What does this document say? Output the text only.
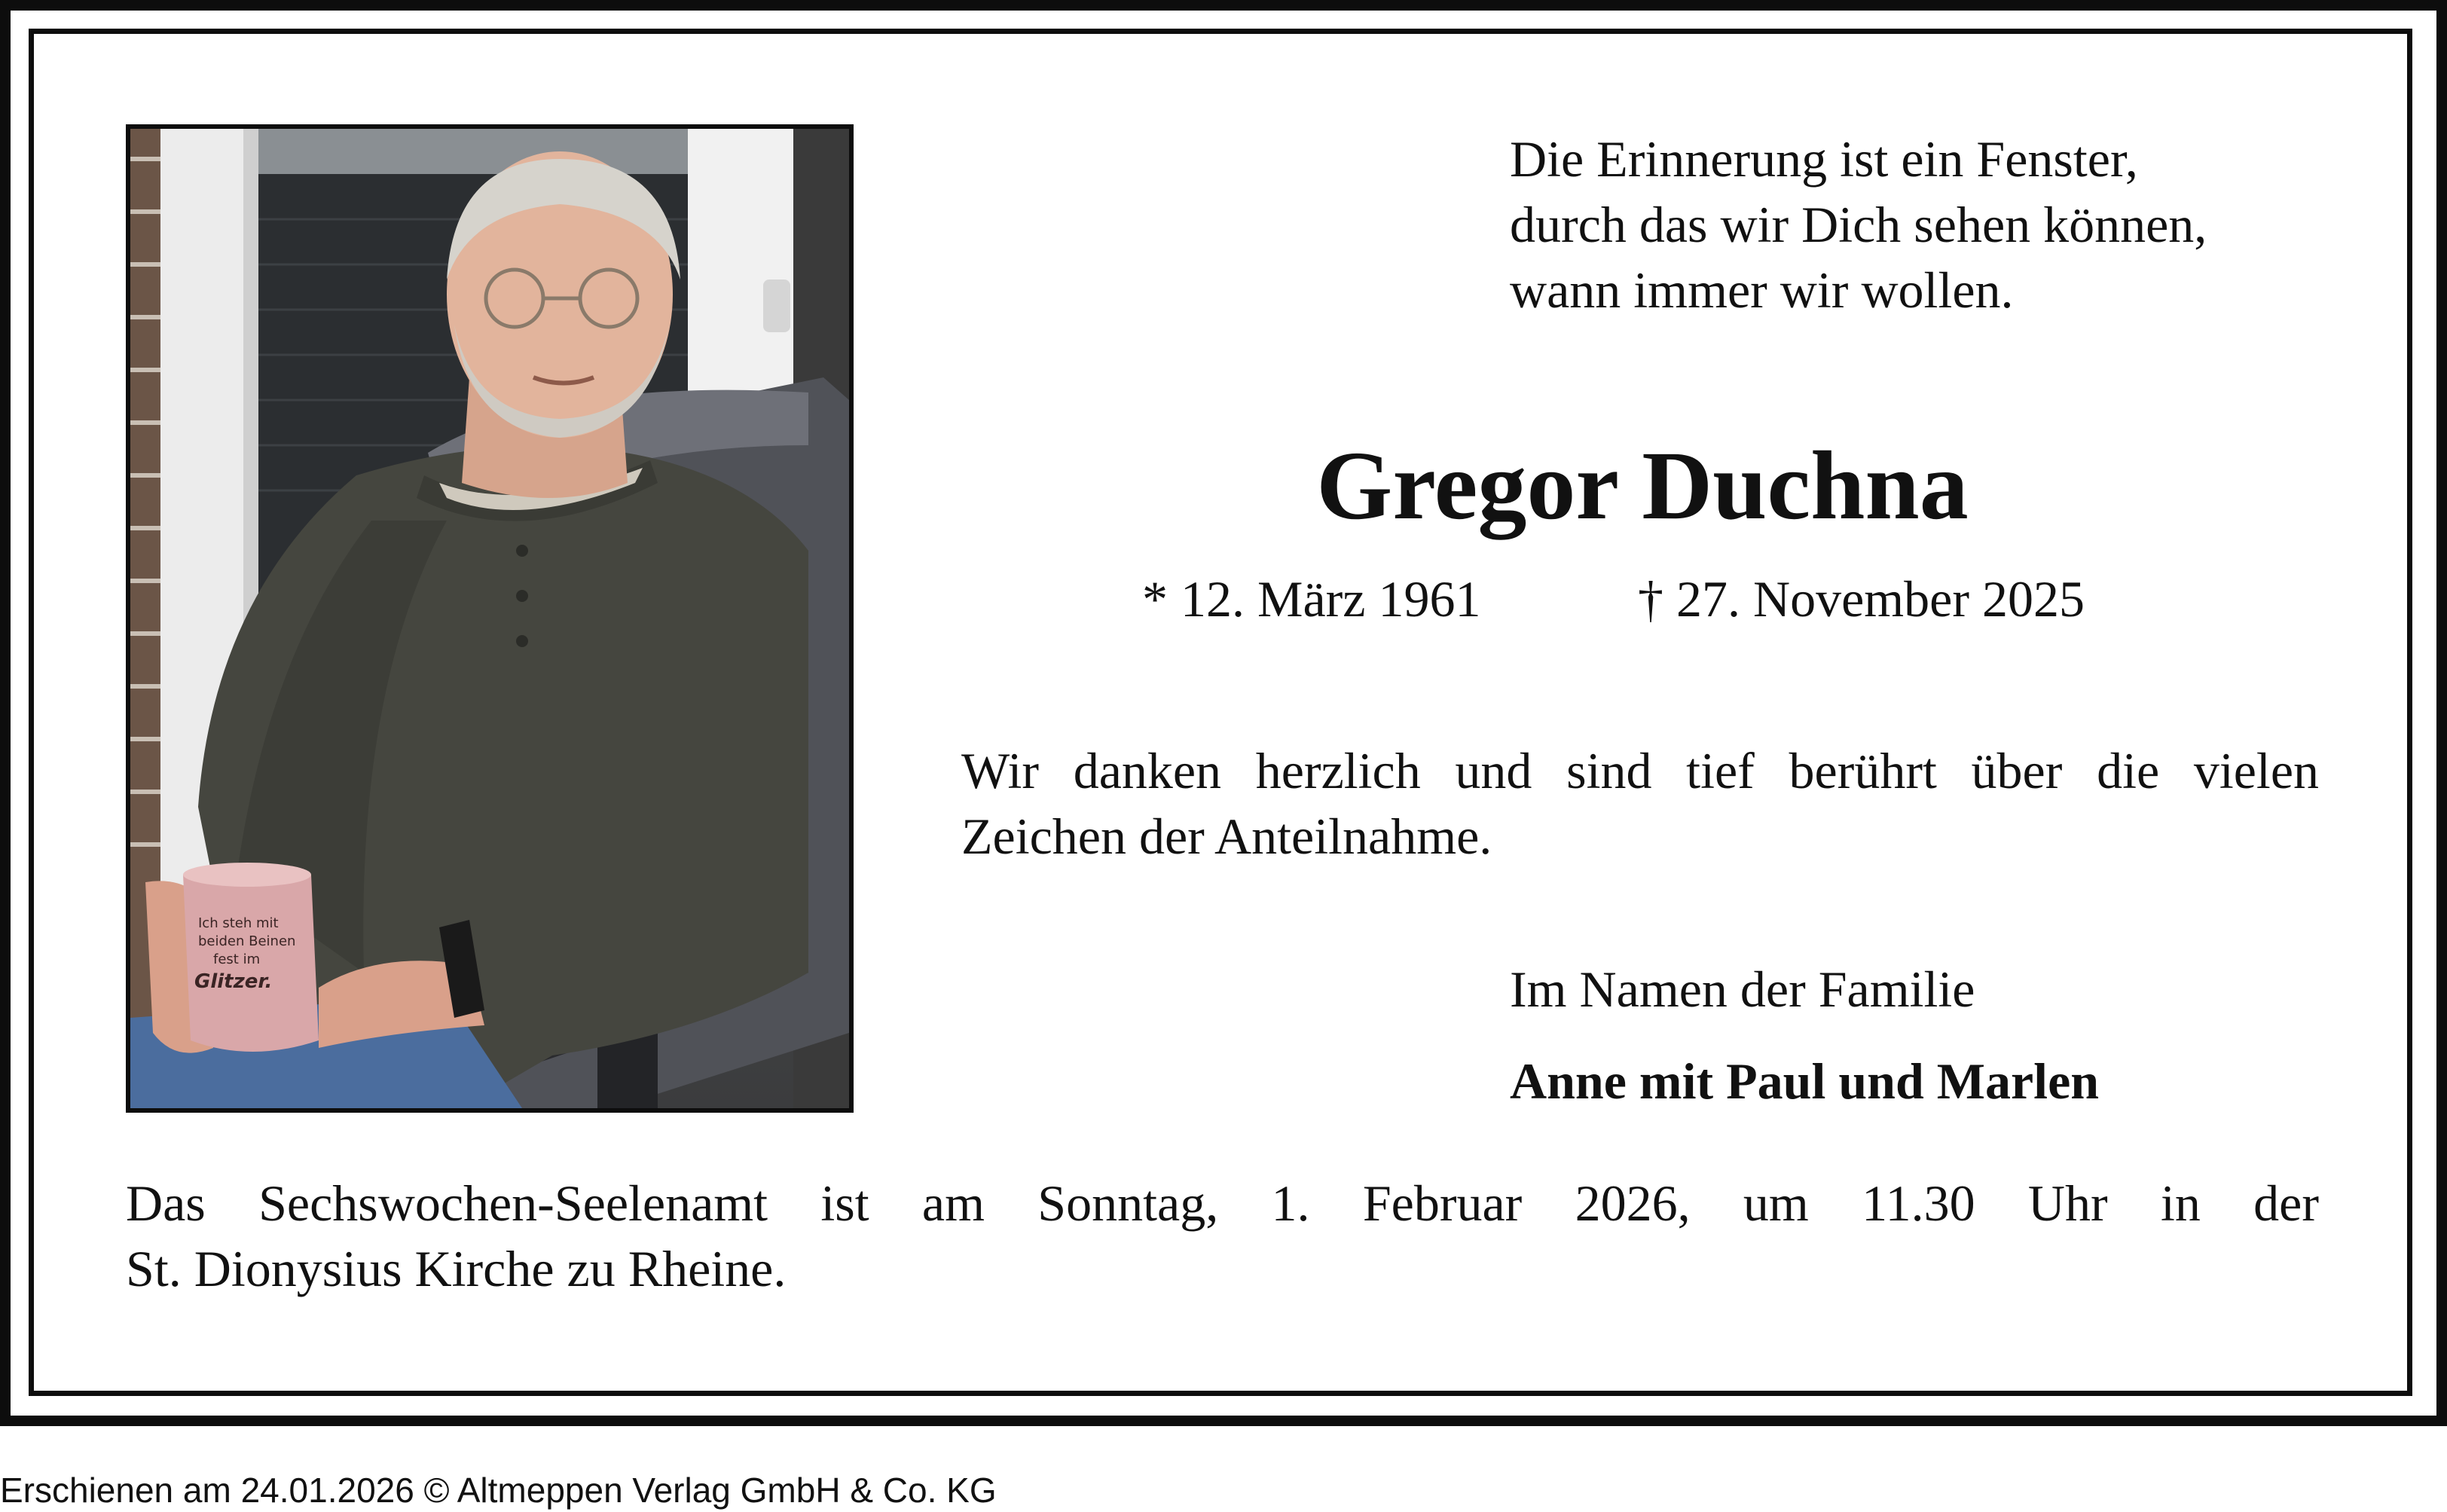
Ich steh mit
beiden Beinen
fest im
Glitzer.
Die Erinnerung ist ein Fenster,
durch das wir Dich sehen können,
wann immer wir wollen.
Gregor Duchna
* 12. März 1961	† 27. November 2025
Wir danken herzlich und sind tief berührt über die vielen
Zeichen der Anteilnahme.
Im Namen der Familie
Anne mit Paul und Marlen
Das Sechswochen-Seelenamt ist am Sonntag, 1. Februar 2026, um 11.30 Uhr in der
St. Dionysius Kirche zu Rheine.
Erschienen am 24.01.2026 © Altmeppen Verlag GmbH & Co. KG
